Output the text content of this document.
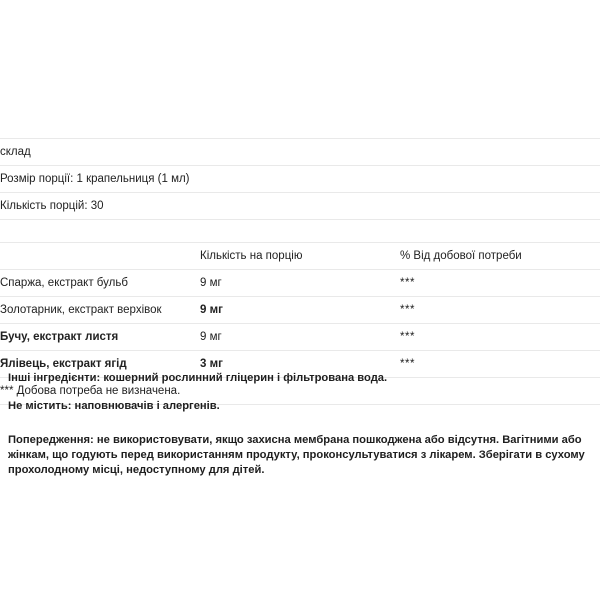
склад		
Розмір порції: 1 крапельниця (1 мл)		
Кількість порцій: 30		

	Кількість на порцію	% Від добової потреби
Спаржа, екстракт бульб	9 мг	***
Золотарник, екстракт верхівок	9 мг	***
Бучу, екстракт листя	9 мг	***
Ялівець, екстракт ягід	3 мг	***
*** Добова потреба не визначена.		
Інші інгредієнти: кошерний рослинний гліцерин і фільтрована вода.
Не містить: наповнювачів і алергенів.
Попередження: не використовувати, якщо захисна мембрана пошкоджена або відсутня. Вагітними або жінкам, що годують перед використанням продукту, проконсультуватися з лікарем. Зберігати в сухому прохолодному місці, недоступному для дітей.
